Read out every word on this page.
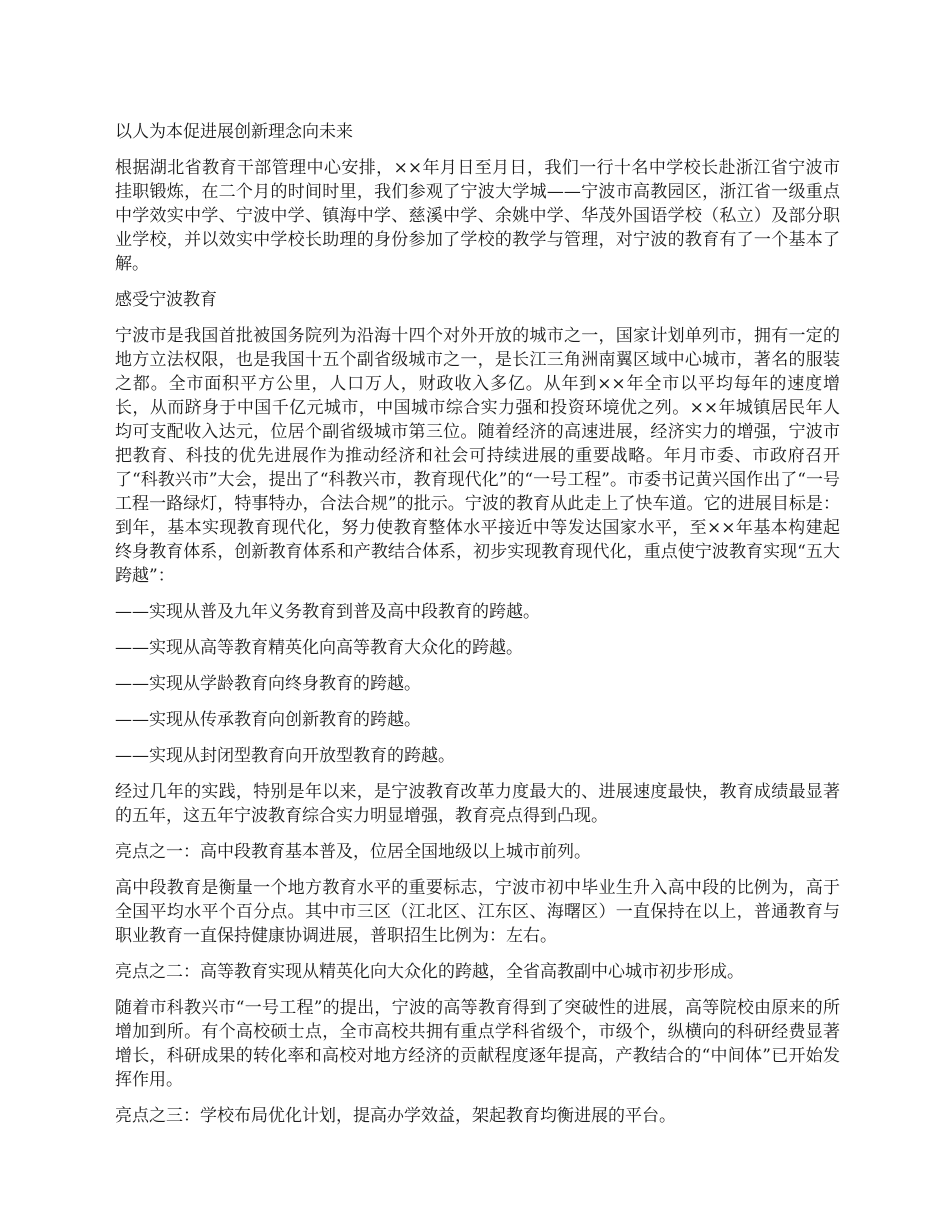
以人为本促进展创新理念向未来
根据湖北省教育干部管理中心安排，××年月日至月日，我们一行十名中学校长赴浙江省宁波市挂职锻炼，在二个月的时间时里，我们参观了宁波大学城——宁波市高教园区，浙江省一级重点中学效实中学、宁波中学、镇海中学、慈溪中学、余姚中学、华茂外国语学校（私立）及部分职业学校，并以效实中学校长助理的身份参加了学校的教学与管理，对宁波的教育有了一个基本了解。
感受宁波教育
宁波市是我国首批被国务院列为沿海十四个对外开放的城市之一，国家计划单列市，拥有一定的地方立法权限，也是我国十五个副省级城市之一，是长江三角洲南翼区域中心城市，著名的服装之都。全市面积平方公里，人口万人，财政收入多亿。从年到××年全市以平均每年的速度增长，从而跻身于中国千亿元城市，中国城市综合实力强和投资环境优之列。××年城镇居民年人均可支配收入达元，位居个副省级城市第三位。随着经济的高速进展，经济实力的增强，宁波市把教育、科技的优先进展作为推动经济和社会可持续进展的重要战略。年月市委、市政府召开了“科教兴市”大会，提出了“科教兴市，教育现代化”的“一号工程”。市委书记黄兴国作出了“一号工程一路绿灯，特事特办，合法合规”的批示。宁波的教育从此走上了快车道。它的进展目标是：到年，基本实现教育现代化，努力使教育整体水平接近中等发达国家水平，至××年基本构建起终身教育体系，创新教育体系和产教结合体系，初步实现教育现代化，重点使宁波教育实现“五大跨越”：
——实现从普及九年义务教育到普及高中段教育的跨越。
——实现从高等教育精英化向高等教育大众化的跨越。
——实现从学龄教育向终身教育的跨越。
——实现从传承教育向创新教育的跨越。
——实现从封闭型教育向开放型教育的跨越。
经过几年的实践，特别是年以来，是宁波教育改革力度最大的、进展速度最快，教育成绩最显著的五年，这五年宁波教育综合实力明显增强，教育亮点得到凸现。
亮点之一：高中段教育基本普及，位居全国地级以上城市前列。
高中段教育是衡量一个地方教育水平的重要标志，宁波市初中毕业生升入高中段的比例为，高于全国平均水平个百分点。其中市三区（江北区、江东区、海曙区）一直保持在以上，普通教育与职业教育一直保持健康协调进展，普职招生比例为：左右。
亮点之二：高等教育实现从精英化向大众化的跨越，全省高教副中心城市初步形成。
随着市科教兴市“一号工程”的提出，宁波的高等教育得到了突破性的进展，高等院校由原来的所增加到所。有个高校硕士点，全市高校共拥有重点学科省级个，市级个，纵横向的科研经费显著增长，科研成果的转化率和高校对地方经济的贡献程度逐年提高，产教结合的“中间体”已开始发挥作用。
亮点之三：学校布局优化计划，提高办学效益，架起教育均衡进展的平台。
